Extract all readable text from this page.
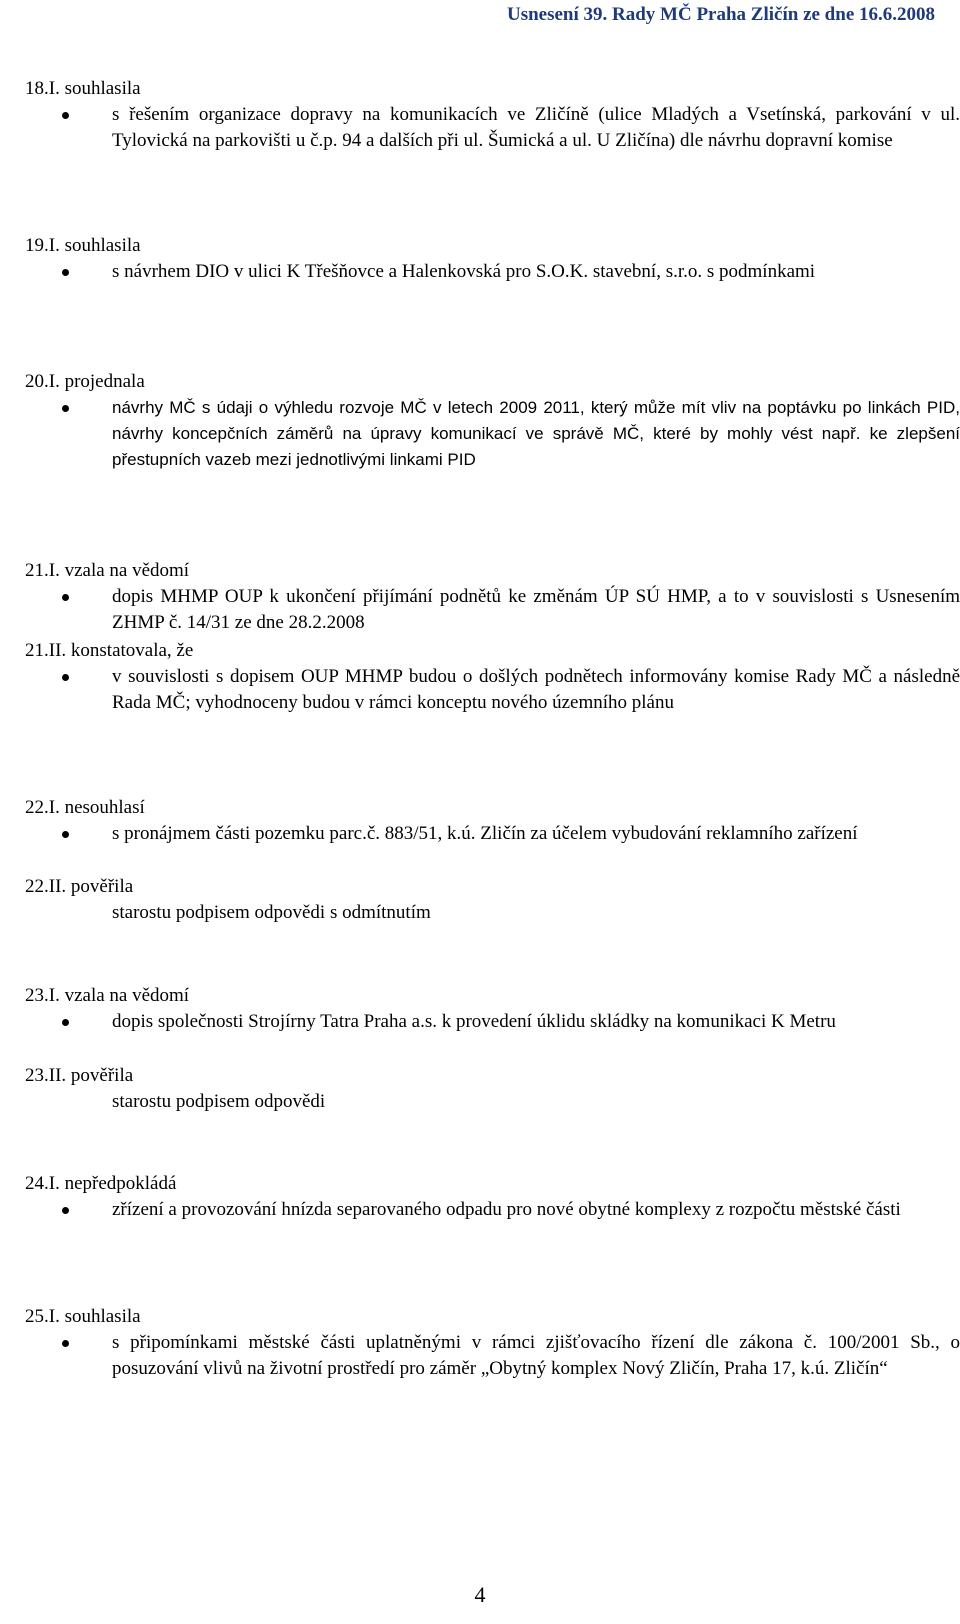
Usnesení 39. Rady MČ Praha Zličín ze dne 16.6.2008
18.I. souhlasila
s řešením organizace dopravy na komunikacích ve Zličíně (ulice Mladých a Vsetínská, parkování v ul. Tylovická na parkovišti u č.p. 94 a dalších při ul. Šumická a ul. U Zličína) dle návrhu dopravní komise
19.I. souhlasila
s návrhem DIO v ulici K Třešňovce a Halenkovská pro S.O.K. stavební, s.r.o. s podmínkami
20.I. projednala
návrhy MČ s údaji o výhledu rozvoje MČ v letech 2009 2011, který může mít vliv na poptávku po linkách PID, návrhy koncepčních záměrů na úpravy komunikací ve správě MČ, které by mohly vést např. ke zlepšení přestupních vazeb mezi jednotlivými linkami PID
21.I. vzala na vědomí
dopis MHMP OUP k ukončení přijímání podnětů ke změnám ÚP SÚ HMP, a to v souvislosti s Usnesením ZHMP č. 14/31 ze dne 28.2.2008
21.II. konstatovala, že
v souvislosti s dopisem OUP MHMP budou o došlých podnětech informovány komise Rady MČ a následně Rada MČ; vyhodnoceny budou v rámci konceptu nového územního plánu
22.I. nesouhlasí
s pronájmem části pozemku parc.č. 883/51, k.ú. Zličín za účelem vybudování reklamního zařízení
22.II. pověřila
starostu podpisem odpovědi s odmítnutím
23.I. vzala na vědomí
dopis společnosti Strojírny Tatra Praha a.s. k provedení úklidu skládky na komunikaci K Metru
23.II. pověřila
starostu podpisem odpovědi
24.I. nepředpokládá
zřízení a provozování hnízda separovaného odpadu pro nové obytné komplexy z rozpočtu městské části
25.I. souhlasila
s připomínkami městské části uplatněnými v rámci zjišťovacího řízení dle zákona č. 100/2001 Sb., o posuzování vlivů na životní prostředí pro záměr „Obytný komplex Nový Zličín, Praha 17, k.ú. Zličín“
4
